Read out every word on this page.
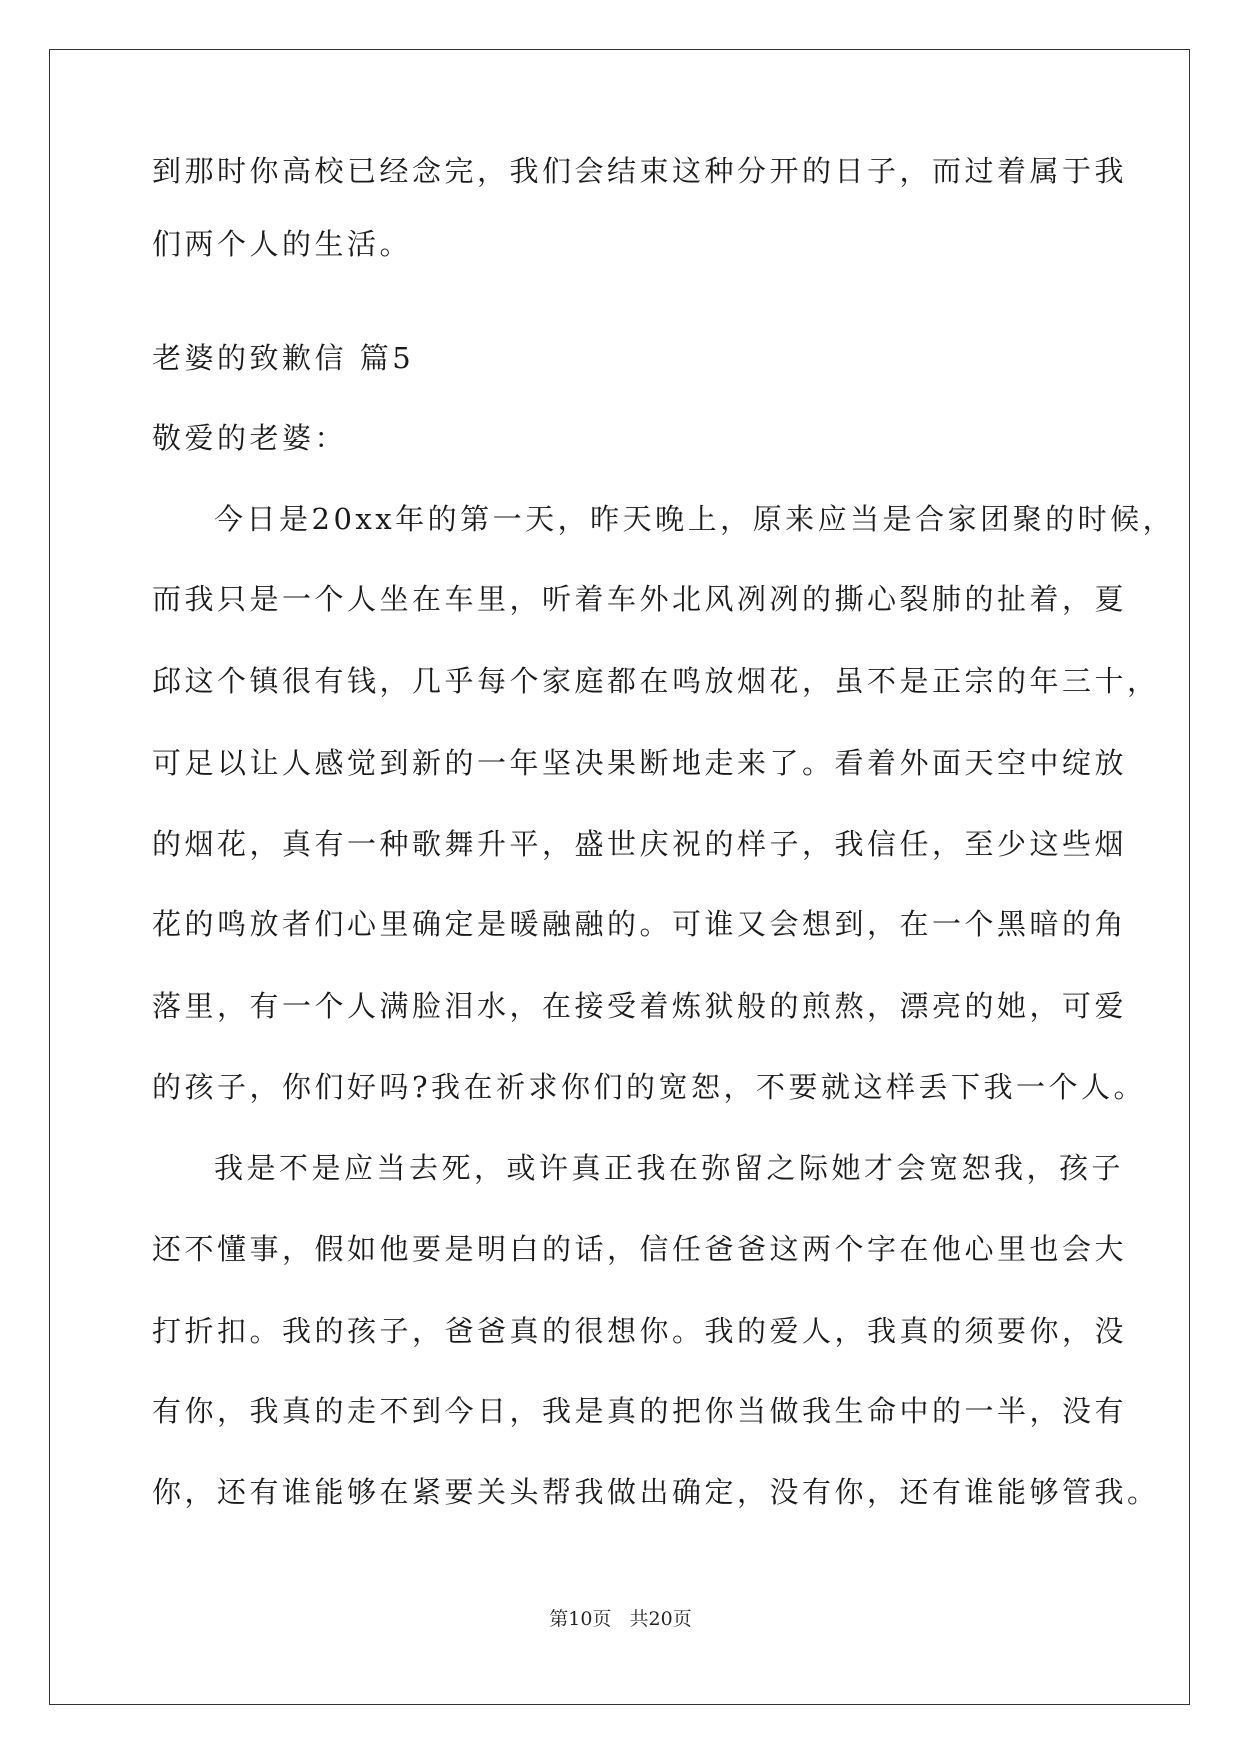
到那时你高校已经念完，我们会结束这种分开的日子，而过着属于我
们两个人的生活。
老婆的致歉信 篇5
敬爱的老婆：
今日是20xx年的第一天，昨天晚上，原来应当是合家团聚的时候，
而我只是一个人坐在车里，听着车外北风冽冽的撕心裂肺的扯着，夏
邱这个镇很有钱，几乎每个家庭都在鸣放烟花，虽不是正宗的年三十，
可足以让人感觉到新的一年坚决果断地走来了。看着外面天空中绽放
的烟花，真有一种歌舞升平，盛世庆祝的样子，我信任，至少这些烟
花的鸣放者们心里确定是暖融融的。可谁又会想到，在一个黑暗的角
落里，有一个人满脸泪水，在接受着炼狱般的煎熬，漂亮的她，可爱
的孩子，你们好吗?我在祈求你们的宽恕，不要就这样丢下我一个人。
我是不是应当去死，或许真正我在弥留之际她才会宽恕我，孩子
还不懂事，假如他要是明白的话，信任爸爸这两个字在他心里也会大
打折扣。我的孩子，爸爸真的很想你。我的爱人，我真的须要你，没
有你，我真的走不到今日，我是真的把你当做我生命中的一半，没有
你，还有谁能够在紧要关头帮我做出确定，没有你，还有谁能够管我。
第10页   共20页
